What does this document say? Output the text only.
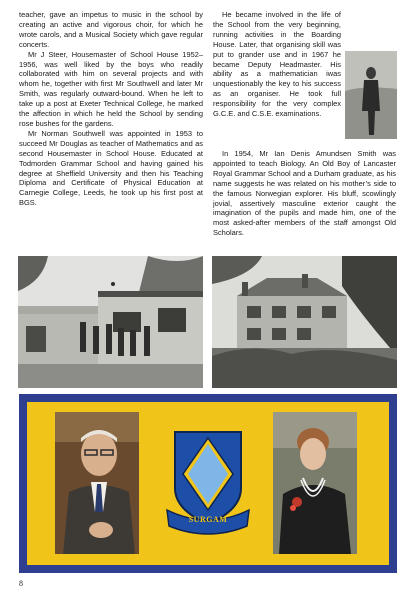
teacher, gave an impetus to music in the school by creating an active and vigorous choir, for which he wrote carols, and a Musical Society which gave regular concerts.

Mr J Steer, Housemaster of School House 1952–1956, was well liked by the boys who readily collaborated with him on several projects and with whom he, together with first Mr Southwell and later Mr Smith, was regularly outward-bound. When he left to take up a post at Exeter Technical College, he marked the affection in which he held the School by sending rose bushes for the gardens.

Mr Norman Southwell was appointed in 1953 to succeed Mr Douglas as teacher of Mathematics and as second Housemaster in School House. Educated at Todmorden Grammar School and having gained his degree at Sheffield University and then his Teaching Diploma and Certificate of Physical Education at Carnegie College, Leeds, he took up his first post at BGS.

He became involved in the life of the School from the very beginning, running activities in the Boarding House. Later, that organising skill was put to grander use and in 1967 he became Deputy Headmaster. His ability as a mathematician iwas unquestionably the key to his success as an organiser. He took full responsibility for the very complex G.C.E. and C.S.E. examinations.

In 1954, Mr Ian Denis Amundsen Smith was appointed to teach Biology. An Old Boy of Lancaster Royal Grammar School and a Durham graduate, as his name suggests he was related on his mother’s side to the famous Norwegian explorer. His bluff, scowlingly jovial, assertively masculine exterior caught the imagination of the pupils and made him, one of the most asked-after members of the staff amongst Old Scholars.

SURGAM
8
